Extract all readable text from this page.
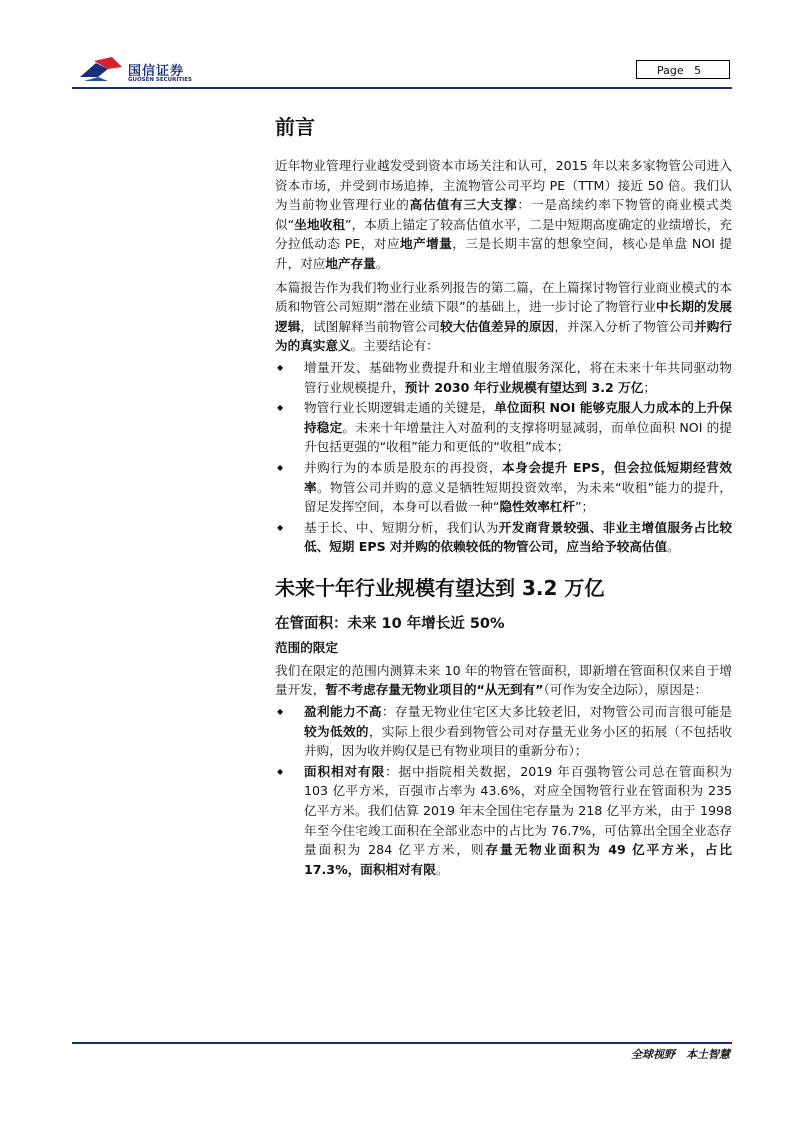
国信证券
GUOSEN SECURITIES
Page 5
前言

近年物业管理行业越发受到资本市场关注和认可，2015 年以来多家物管公司进入资本市场，并受到市场追捧，主流物管公司平均 PE（TTM）接近 50 倍。我们认为当前物业管理行业的高估值有三大支撑：一是高续约率下物管的商业模式类似“坐地收租”，本质上锚定了较高估值水平，二是中短期高度确定的业绩增长，充分拉低动态 PE，对应地产增量，三是长期丰富的想象空间，核心是单盘 NOI 提升，对应地产存量。

本篇报告作为我们物业行业系列报告的第二篇，在上篇探讨物管行业商业模式的本质和物管公司短期“潜在业绩下限”的基础上，进一步讨论了物管行业中长期的发展逻辑，试图解释当前物管公司较大估值差异的原因，并深入分析了物管公司并购行为的真实意义。主要结论有：

◆ 增量开发、基础物业费提升和业主增值服务深化，将在未来十年共同驱动物管行业规模提升，预计 2030 年行业规模有望达到 3.2 万亿；
◆ 物管行业长期逻辑走通的关键是，单位面积 NOI 能够克服人力成本的上升保持稳定。未来十年增量注入对盈利的支撑将明显减弱，而单位面积 NOI 的提升包括更强的“收租”能力和更低的“收租”成本；
◆ 并购行为的本质是股东的再投资，本身会提升 EPS，但会拉低短期经营效率。物管公司并购的意义是牺牲短期投资效率，为未来“收租”能力的提升，留足发挥空间，本身可以看做一种“隐性效率杠杆”；
◆ 基于长、中、短期分析，我们认为开发商背景较强、非业主增值服务占比较低、短期 EPS 对并购的依赖较低的物管公司，应当给予较高估值。
未来十年行业规模有望达到 3.2 万亿
在管面积：未来 10 年增长近 50%
范围的限定

我们在限定的范围内测算未来 10 年的物管在管面积，即新增在管面积仅来自于增量开发，暂不考虑存量无物业项目的“从无到有”（可作为安全边际），原因是：

◆ 盈利能力不高：存量无物业住宅区大多比较老旧，对物管公司而言很可能是较为低效的，实际上很少看到物管公司对存量无业务小区的拓展（不包括收并购，因为收并购仅是已有物业项目的重新分布）；
◆ 面积相对有限：据中指院相关数据，2019 年百强物管公司总在管面积为 103 亿平方米，百强市占率为 43.6%，对应全国物管行业在管面积为 235 亿平方米。我们估算 2019 年末全国住宅存量为 218 亿平方米，由于 1998 年至今住宅竣工面积在全部业态中的占比为 76.7%，可估算出全国全业态存量面积为 284 亿平方米，则存量无物业面积为 49 亿平方米，占比 17.3%，面积相对有限。
全球视野　本土智慧
